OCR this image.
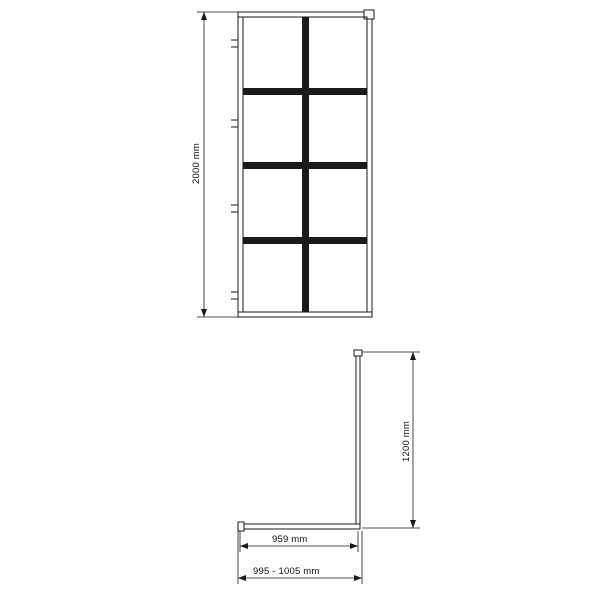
2000 mm
1200 mm
959 mm
995 - 1005 mm
